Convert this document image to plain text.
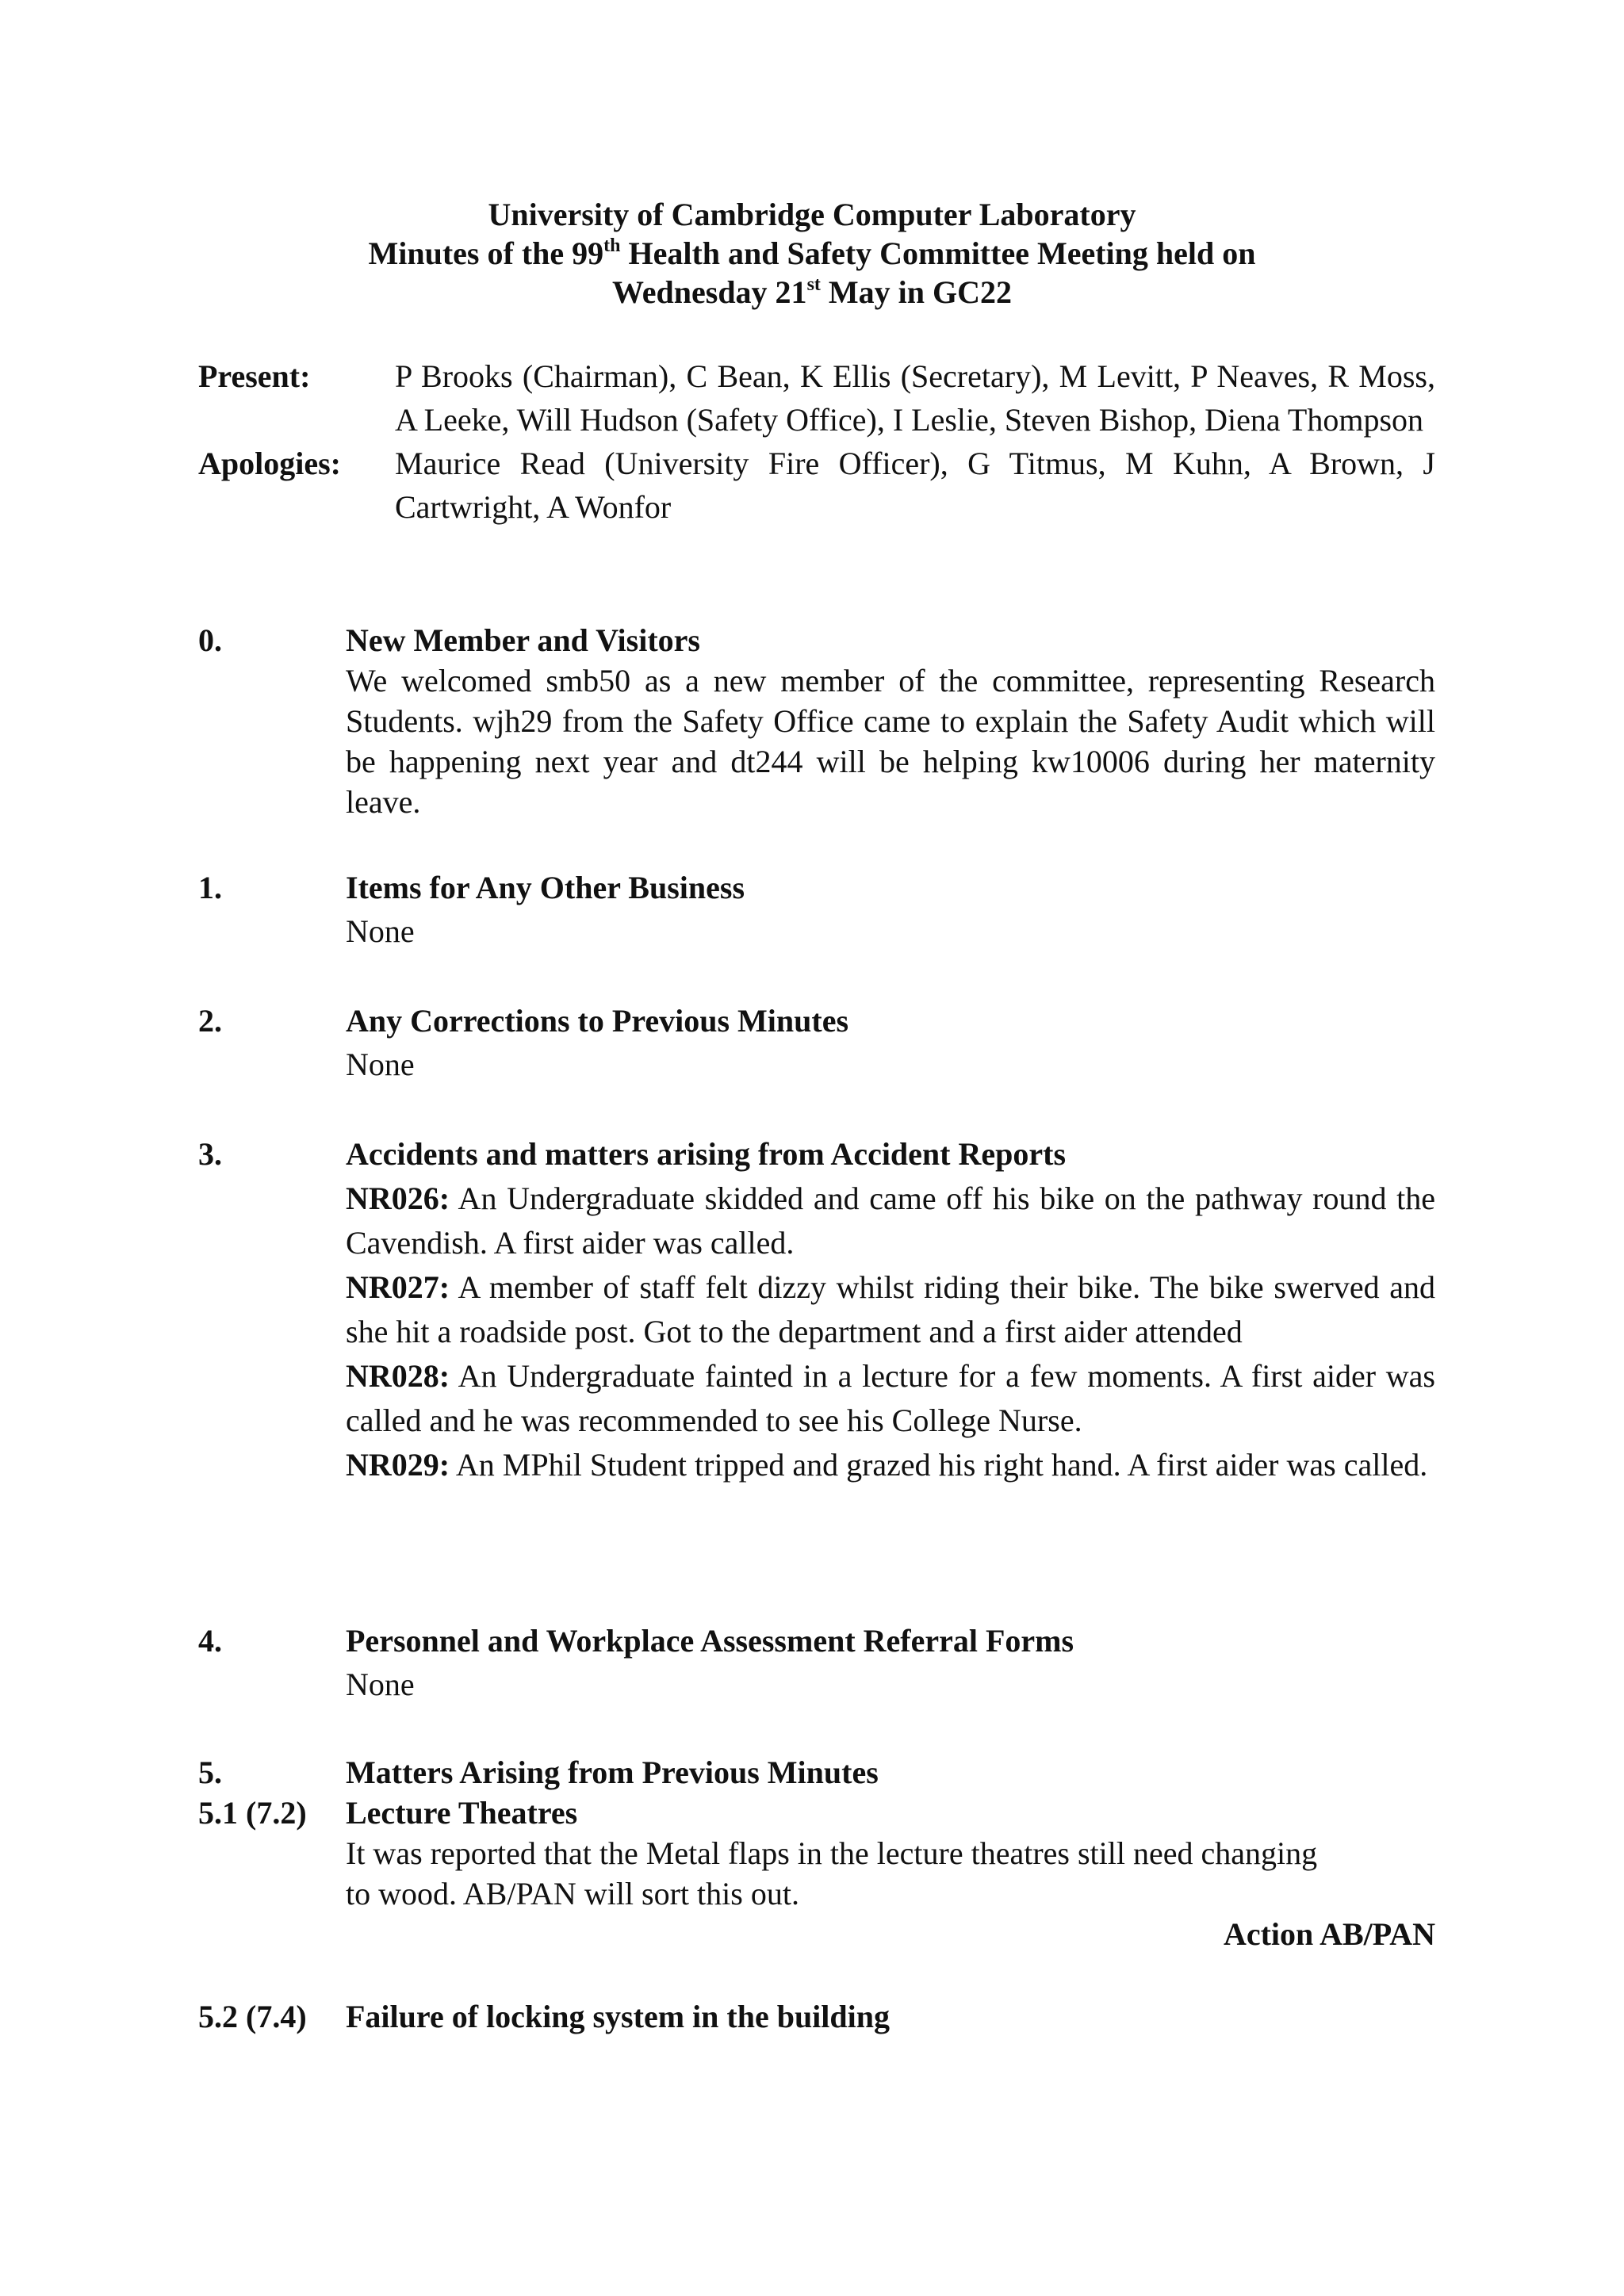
University of Cambridge Computer Laboratory
Minutes of the 99th Health and Safety Committee Meeting held on
Wednesday 21st May in GC22
Present:	P Brooks (Chairman), C Bean, K Ellis (Secretary), M Levitt, P Neaves, R Moss, A Leeke, Will Hudson (Safety Office), I Leslie, Steven Bishop, Diena Thompson
Apologies:	Maurice Read (University Fire Officer), G Titmus, M Kuhn, A Brown, J Cartwright, A Wonfor
0.	New Member and Visitors
We welcomed smb50 as a new member of the committee, representing Research Students. wjh29 from the Safety Office came to explain the Safety Audit which will be happening next year and dt244 will be helping kw10006 during her maternity leave.
1.	Items for Any Other Business
None
2.	Any Corrections to Previous Minutes
None
3.	Accidents and matters arising from Accident Reports
NR026: An Undergraduate skidded and came off his bike on the pathway round the Cavendish. A first aider was called.
NR027: A member of staff felt dizzy whilst riding their bike. The bike swerved and she hit a roadside post. Got to the department and a first aider attended
NR028: An Undergraduate fainted in a lecture for a few moments. A first aider was called and he was recommended to see his College Nurse.
NR029: An MPhil Student tripped and grazed his right hand. A first aider was called.
4.	Personnel and Workplace Assessment Referral Forms
None
5.	Matters Arising from Previous Minutes
5.1 (7.2)	Lecture Theatres
It was reported that the Metal flaps in the lecture theatres still need changing to wood. AB/PAN will sort this out.
Action AB/PAN
5.2 (7.4)	Failure of locking system in the building
